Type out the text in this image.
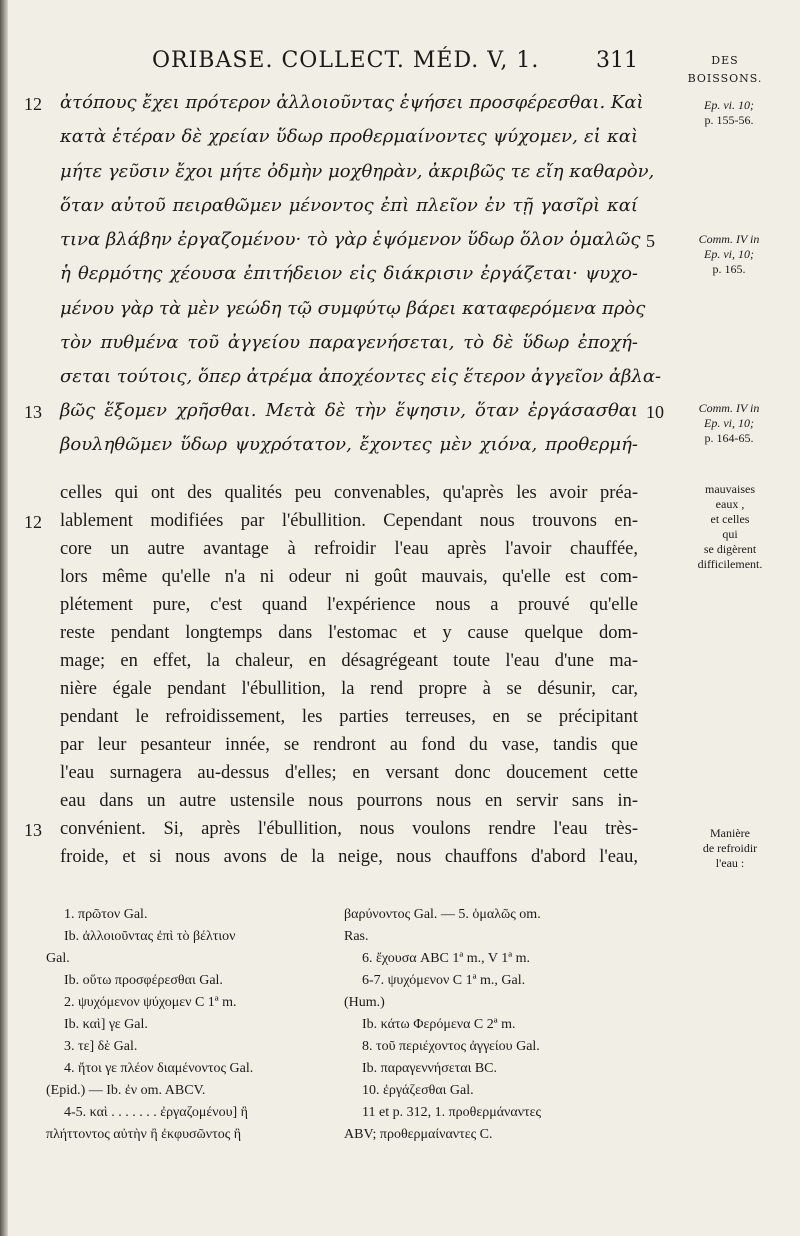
ORIBASE. COLLECT. MÉD. V, 1.	311	DES
BOISSONS.
ἀτόπους ἔχει πρότερον ἀλλοιοῦντας ἑψήσει προσφέρεσθαι. Καὶ
κατὰ ἑτέραν δὲ χρείαν ὕδωρ προθερμαίνοντες ψύχομεν, εἰ καὶ
μήτε γεῦσιν ἔχοι μήτε ὀδμὴν μοχθηρὰν, ἀκριβῶς τε εἴη καθαρὸν,
ὅταν αὐτοῦ πειραθῶμεν μένοντος ἐπὶ πλεῖον ἐν τῇ γασῖρὶ καί
τινα βλάβην ἐργαζομένου· τὸ γὰρ ἑψόμενον ὕδωρ ὅλον ὁμαλῶς
ἡ θερμότης χέουσα ἐπιτήδειον εἰς διάκρισιν ἐργάζεται· ψυχο-
μένου γὰρ τὰ μὲν γεώδη τῷ συμφύτῳ βάρει καταφερόμενα πρὸς
τὸν πυθμένα τοῦ ἀγγείου παραγενήσεται, τὸ δὲ ὕδωρ ἐποχή-
σεται τούτοις, ὅπερ ἀτρέμα ἀποχέοντες εἰς ἕτερον ἀγγεῖον ἀβλα-
βῶς ἕξομεν χρῆσθαι. Μετὰ δὲ τὴν ἕψησιν, ὅταν ἐργάσασθαι
βουληθῶμεν ὕδωρ ψυχρότατον, ἔχοντες μὲν χιόνα, προθερμή-
12
13
5
10
Ep. vi. 10;
p. 155-56.
Comm. IV in
Ep. vi, 10;
p. 165.
Comm. IV in
Ep. vi, 10;
p. 164-65.
celles qui ont des qualités peu convenables, qu'après les avoir préa-
lablement modifiées par l'ébullition. Cependant nous trouvons en-
core un autre avantage à refroidir l'eau après l'avoir chauffée,
lors même qu'elle n'a ni odeur ni goût mauvais, qu'elle est com-
plétement pure, c'est quand l'expérience nous a prouvé qu'elle
reste pendant longtemps dans l'estomac et y cause quelque dom-
mage; en effet, la chaleur, en désagrégeant toute l'eau d'une ma-
nière égale pendant l'ébullition, la rend propre à se désunir, car,
pendant le refroidissement, les parties terreuses, en se précipitant
par leur pesanteur innée, se rendront au fond du vase, tandis que
l'eau surnagera au-dessus d'elles; en versant donc doucement cette
eau dans un autre ustensile nous pourrons nous en servir sans in-
convénient. Si, après l'ébullition, nous voulons rendre l'eau très-
froide, et si nous avons de la neige, nous chauffons d'abord l'eau,
12
13
mauvaises
eaux ,
et celles
qui
se digèrent
difficilement.
Manière
de refroidir
l'eau :
1. πρῶτον Gal.
Ib. ἀλλοιοῦντας ἐπὶ τὸ βέλτιον
Gal.
Ib. οὕτω προσφέρεσθαι Gal.
2. ψυχόμενον ψύχομεν C 1ª m.
Ib. καὶ] γε Gal.
3. τε] δὲ Gal.
4. ἤτοι γε πλέον διαμένοντος Gal.
(Epid.) — Ib. ἐν om. ABCV.
4-5. καὶ . . . . . . . ἐργαζομένου] ἢ
πλήττοντος αὐτὴν ἢ ἐκφυσῶντος ἢ
βαρύνοντος Gal. — 5. ὁμαλῶς om.
Ras.
6. ἔχουσα ABC 1ª m., V 1ª m.
6-7. ψυχόμενον C 1ª m., Gal.
(Hum.)
Ib. κάτω Φερόμενα C 2ª m.
8. τοῦ περιέχοντος ἀγγείου Gal.
Ib. παραγεννήσεται BC.
10. ἐργάζεσθαι Gal.
11 et p. 312, 1. προθερμάναντες
ABV; προθερμαίναντες C.
